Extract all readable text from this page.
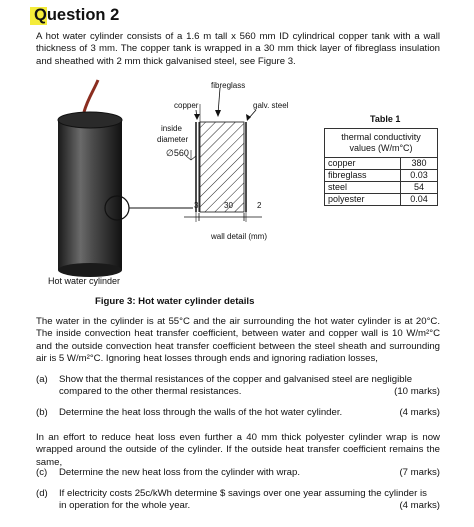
Question 2
A hot water cylinder consists of a 1.6 m tall x 560 mm ID cylindrical copper tank with a wall thickness of 3 mm. The copper tank is wrapped in a 30 mm thick layer of fibreglass insulation and sheathed with 2 mm thick galvanised steel, see Figure 3.
fibreglass
copper	galv. steel
inside
diameter
∅560
3	30	2
wall detail (mm)
Hot water cylinder
Table 1
thermal conductivity values (W/m°C)	
copper	380
fibreglass	0.03
steel	54
polyester	0.04
Figure 3: Hot water cylinder details
The water in the cylinder is at 55°C and the air surrounding the hot water cylinder is at 20°C. The inside convection heat transfer coefficient, between water and copper wall is 10 W/m²°C and the outside convection heat transfer coefficient between the steel sheath and surrounding air is 5 W/m²°C. Ignoring heat losses through ends and ignoring radiation losses,
(a) Show that the thermal resistances of the copper and galvanised steel are negligible compared to the other thermal resistances.	(10 marks)
(b) Determine the heat loss through the walls of the hot water cylinder.	(4 marks)
In an effort to reduce heat loss even further a 40 mm thick polyester cylinder wrap is now wrapped around the outside of the cylinder. If the outside heat transfer coefficient remains the same,
(c) Determine the new heat loss from the cylinder with wrap.	(7 marks)
(d) If electricity costs 25c/kWh determine $ savings over one year assuming the cylinder is in operation for the whole year.	(4 marks)
